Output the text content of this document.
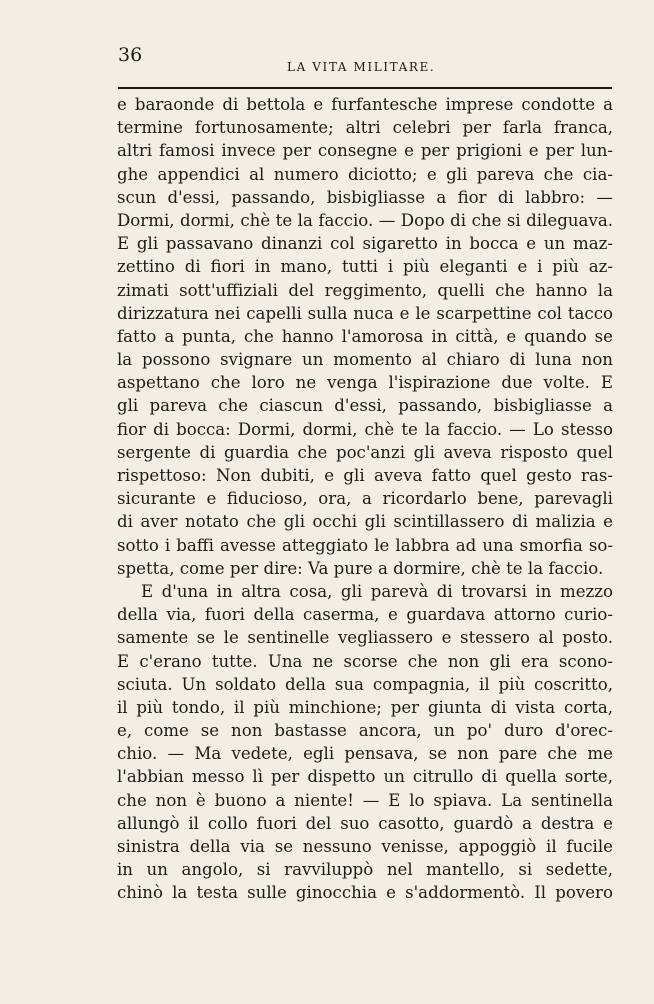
36
LA VITA MILITARE.
e baraonde di bettola e furfantesche imprese condotte a
termine fortunosamente; altri celebri per farla franca,
altri famosi invece per consegne e per prigioni e per lun-
ghe appendici al numero diciotto; e gli pareva che cia-
scun d'essi, passando, bisbigliasse a fior di labbro: —
Dormi, dormi, chè te la faccio. — Dopo di che si dileguava.
E gli passavano dinanzi col sigaretto in bocca e un maz-
zettino di fiori in mano, tutti i più eleganti e i più az-
zimati sott'uffiziali del reggimento, quelli che hanno la
dirizzatura nei capelli sulla nuca e le scarpettine col tacco
fatto a punta, che hanno l'amorosa in città, e quando se
la possono svignare un momento al chiaro di luna non
aspettano che loro ne venga l'ispirazione due volte. E
gli pareva che ciascun d'essi, passando, bisbigliasse a
fior di bocca: Dormi, dormi, chè te la faccio. — Lo stesso
sergente di guardia che poc'anzi gli aveva risposto quel
rispettoso: Non dubiti, e gli aveva fatto quel gesto ras-
sicurante e fiducioso, ora, a ricordarlo bene, parevagli
di aver notato che gli occhi gli scintillassero di malizia e
sotto i baffi avesse atteggiato le labbra ad una smorfia so-
spetta, come per dire: Va pure a dormire, chè te la faccio.
E d'una in altra cosa, gli parevà di trovarsi in mezzo
della via, fuori della caserma, e guardava attorno curio-
samente se le sentinelle vegliassero e stessero al posto.
E c'erano tutte. Una ne scorse che non gli era scono-
sciuta. Un soldato della sua compagnia, il più coscritto,
il più tondo, il più minchione; per giunta di vista corta,
e, come se non bastasse ancora, un po' duro d'orec-
chio. — Ma vedete, egli pensava, se non pare che me
l'abbian messo lì per dispetto un citrullo di quella sorte,
che non è buono a niente! — E lo spiava. La sentinella
allungò il collo fuori del suo casotto, guardò a destra e
sinistra della via se nessuno venisse, appoggiò il fucile
in un angolo, si ravviluppò nel mantello, si sedette,
chinò la testa sulle ginocchia e s'addormentò. Il povero
